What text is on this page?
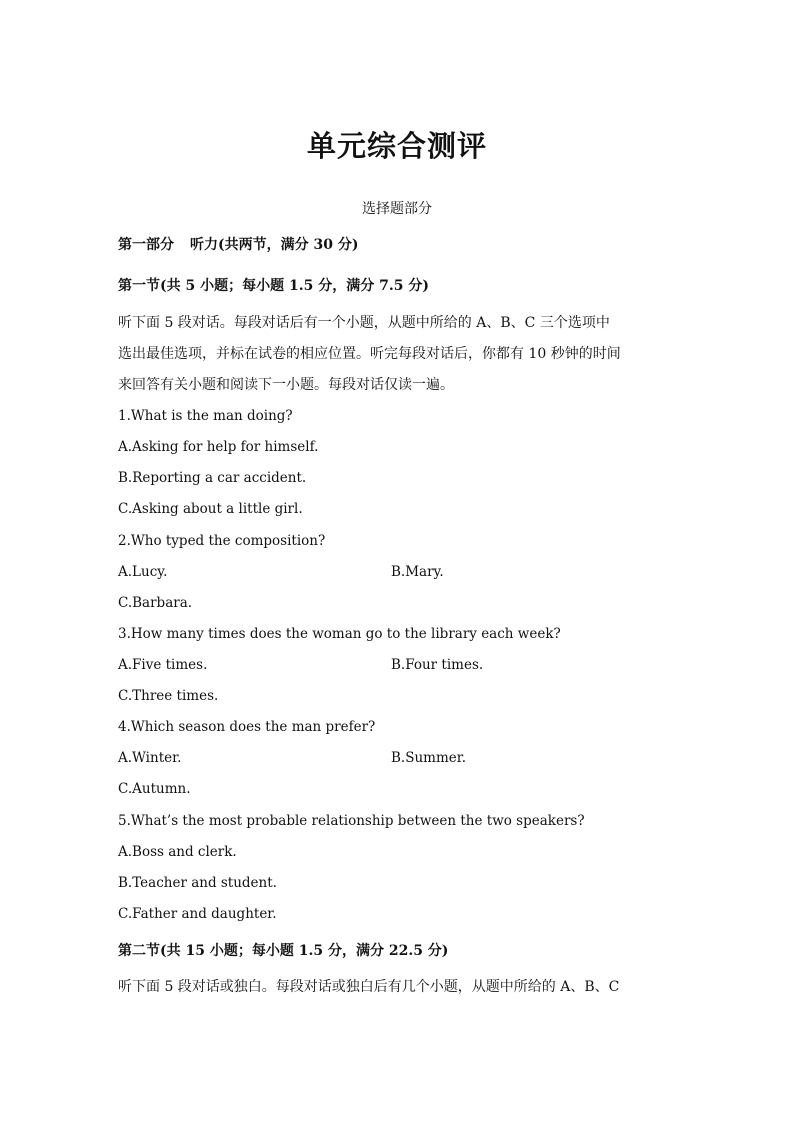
单元综合测评
选择题部分
第一部分 听力(共两节，满分 30 分)
第一节(共 5 小题；每小题 1.5 分，满分 7.5 分)
听下面 5 段对话。每段对话后有一个小题，从题中所给的 A、B、C 三个选项中
选出最佳选项，并标在试卷的相应位置。听完每段对话后，你都有 10 秒钟的时间
来回答有关小题和阅读下一小题。每段对话仅读一遍。
1.What is the man doing?
A.Asking for help for himself.
B.Reporting a car accident.
C.Asking about a little girl.
2.Who typed the composition?
A.Lucy.	B.Mary.
C.Barbara.
3.How many times does the woman go to the library each week?
A.Five times.	B.Four times.
C.Three times.
4.Which season does the man prefer?
A.Winter.	B.Summer.
C.Autumn.
5.What’s the most probable relationship between the two speakers?
A.Boss and clerk.
B.Teacher and student.
C.Father and daughter.
第二节(共 15 小题；每小题 1.5 分，满分 22.5 分)
听下面 5 段对话或独白。每段对话或独白后有几个小题，从题中所给的 A、B、C
